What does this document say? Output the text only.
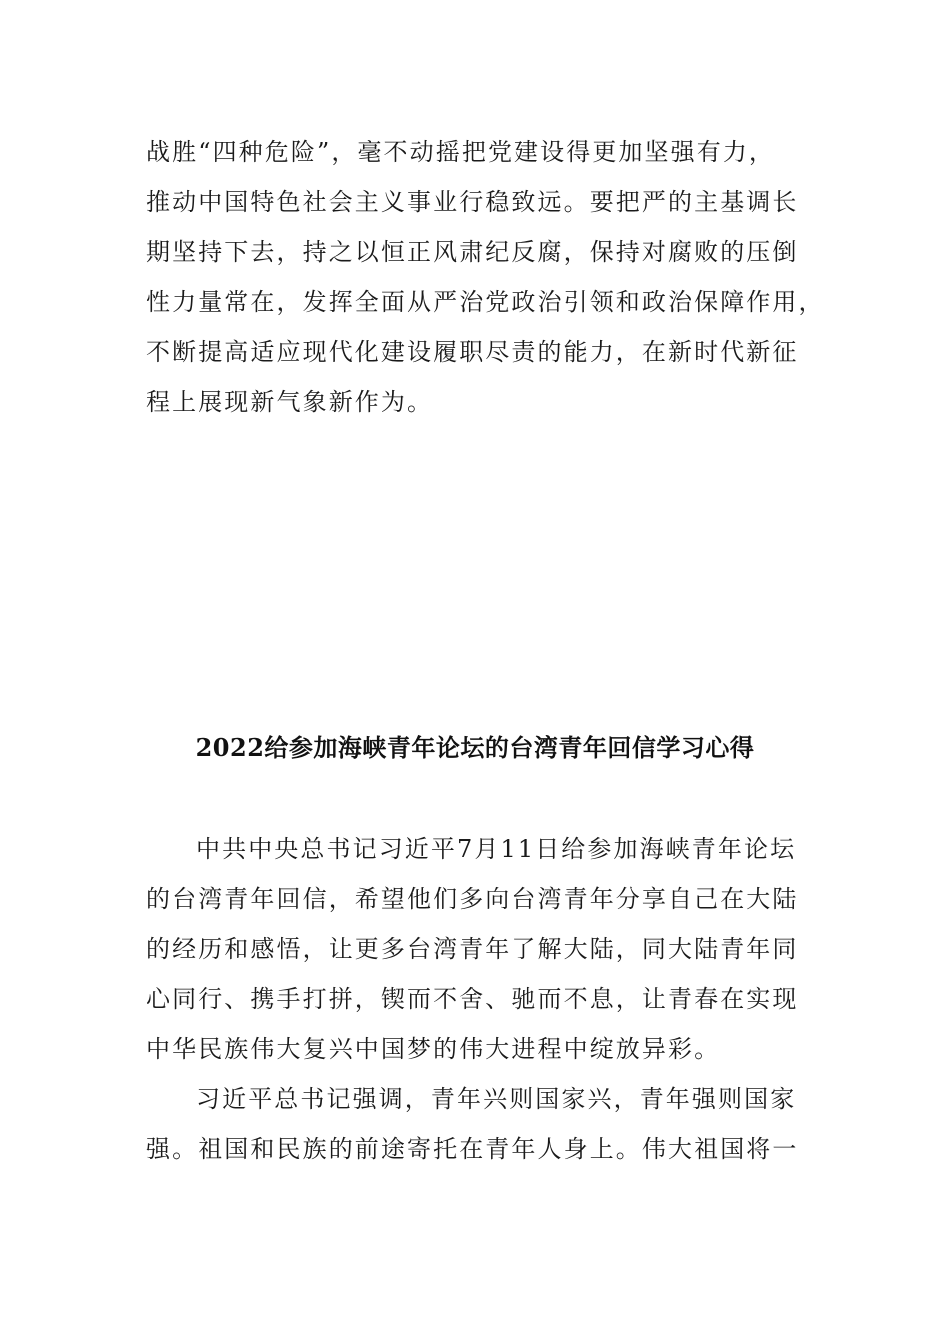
战胜“四种危险”，毫不动摇把党建设得更加坚强有力，
推动中国特色社会主义事业行稳致远。要把严的主基调长
期坚持下去，持之以恒正风肃纪反腐，保持对腐败的压倒
性力量常在，发挥全面从严治党政治引领和政治保障作用，
不断提高适应现代化建设履职尽责的能力，在新时代新征
程上展现新气象新作为。
2022给参加海峡青年论坛的台湾青年回信学习心得
中共中央总书记习近平7月11日给参加海峡青年论坛
的台湾青年回信，希望他们多向台湾青年分享自己在大陆
的经历和感悟，让更多台湾青年了解大陆，同大陆青年同
心同行、携手打拼，锲而不舍、驰而不息，让青春在实现
中华民族伟大复兴中国梦的伟大进程中绽放异彩。
习近平总书记强调，青年兴则国家兴，青年强则国家
强。祖国和民族的前途寄托在青年人身上。伟大祖国将一
